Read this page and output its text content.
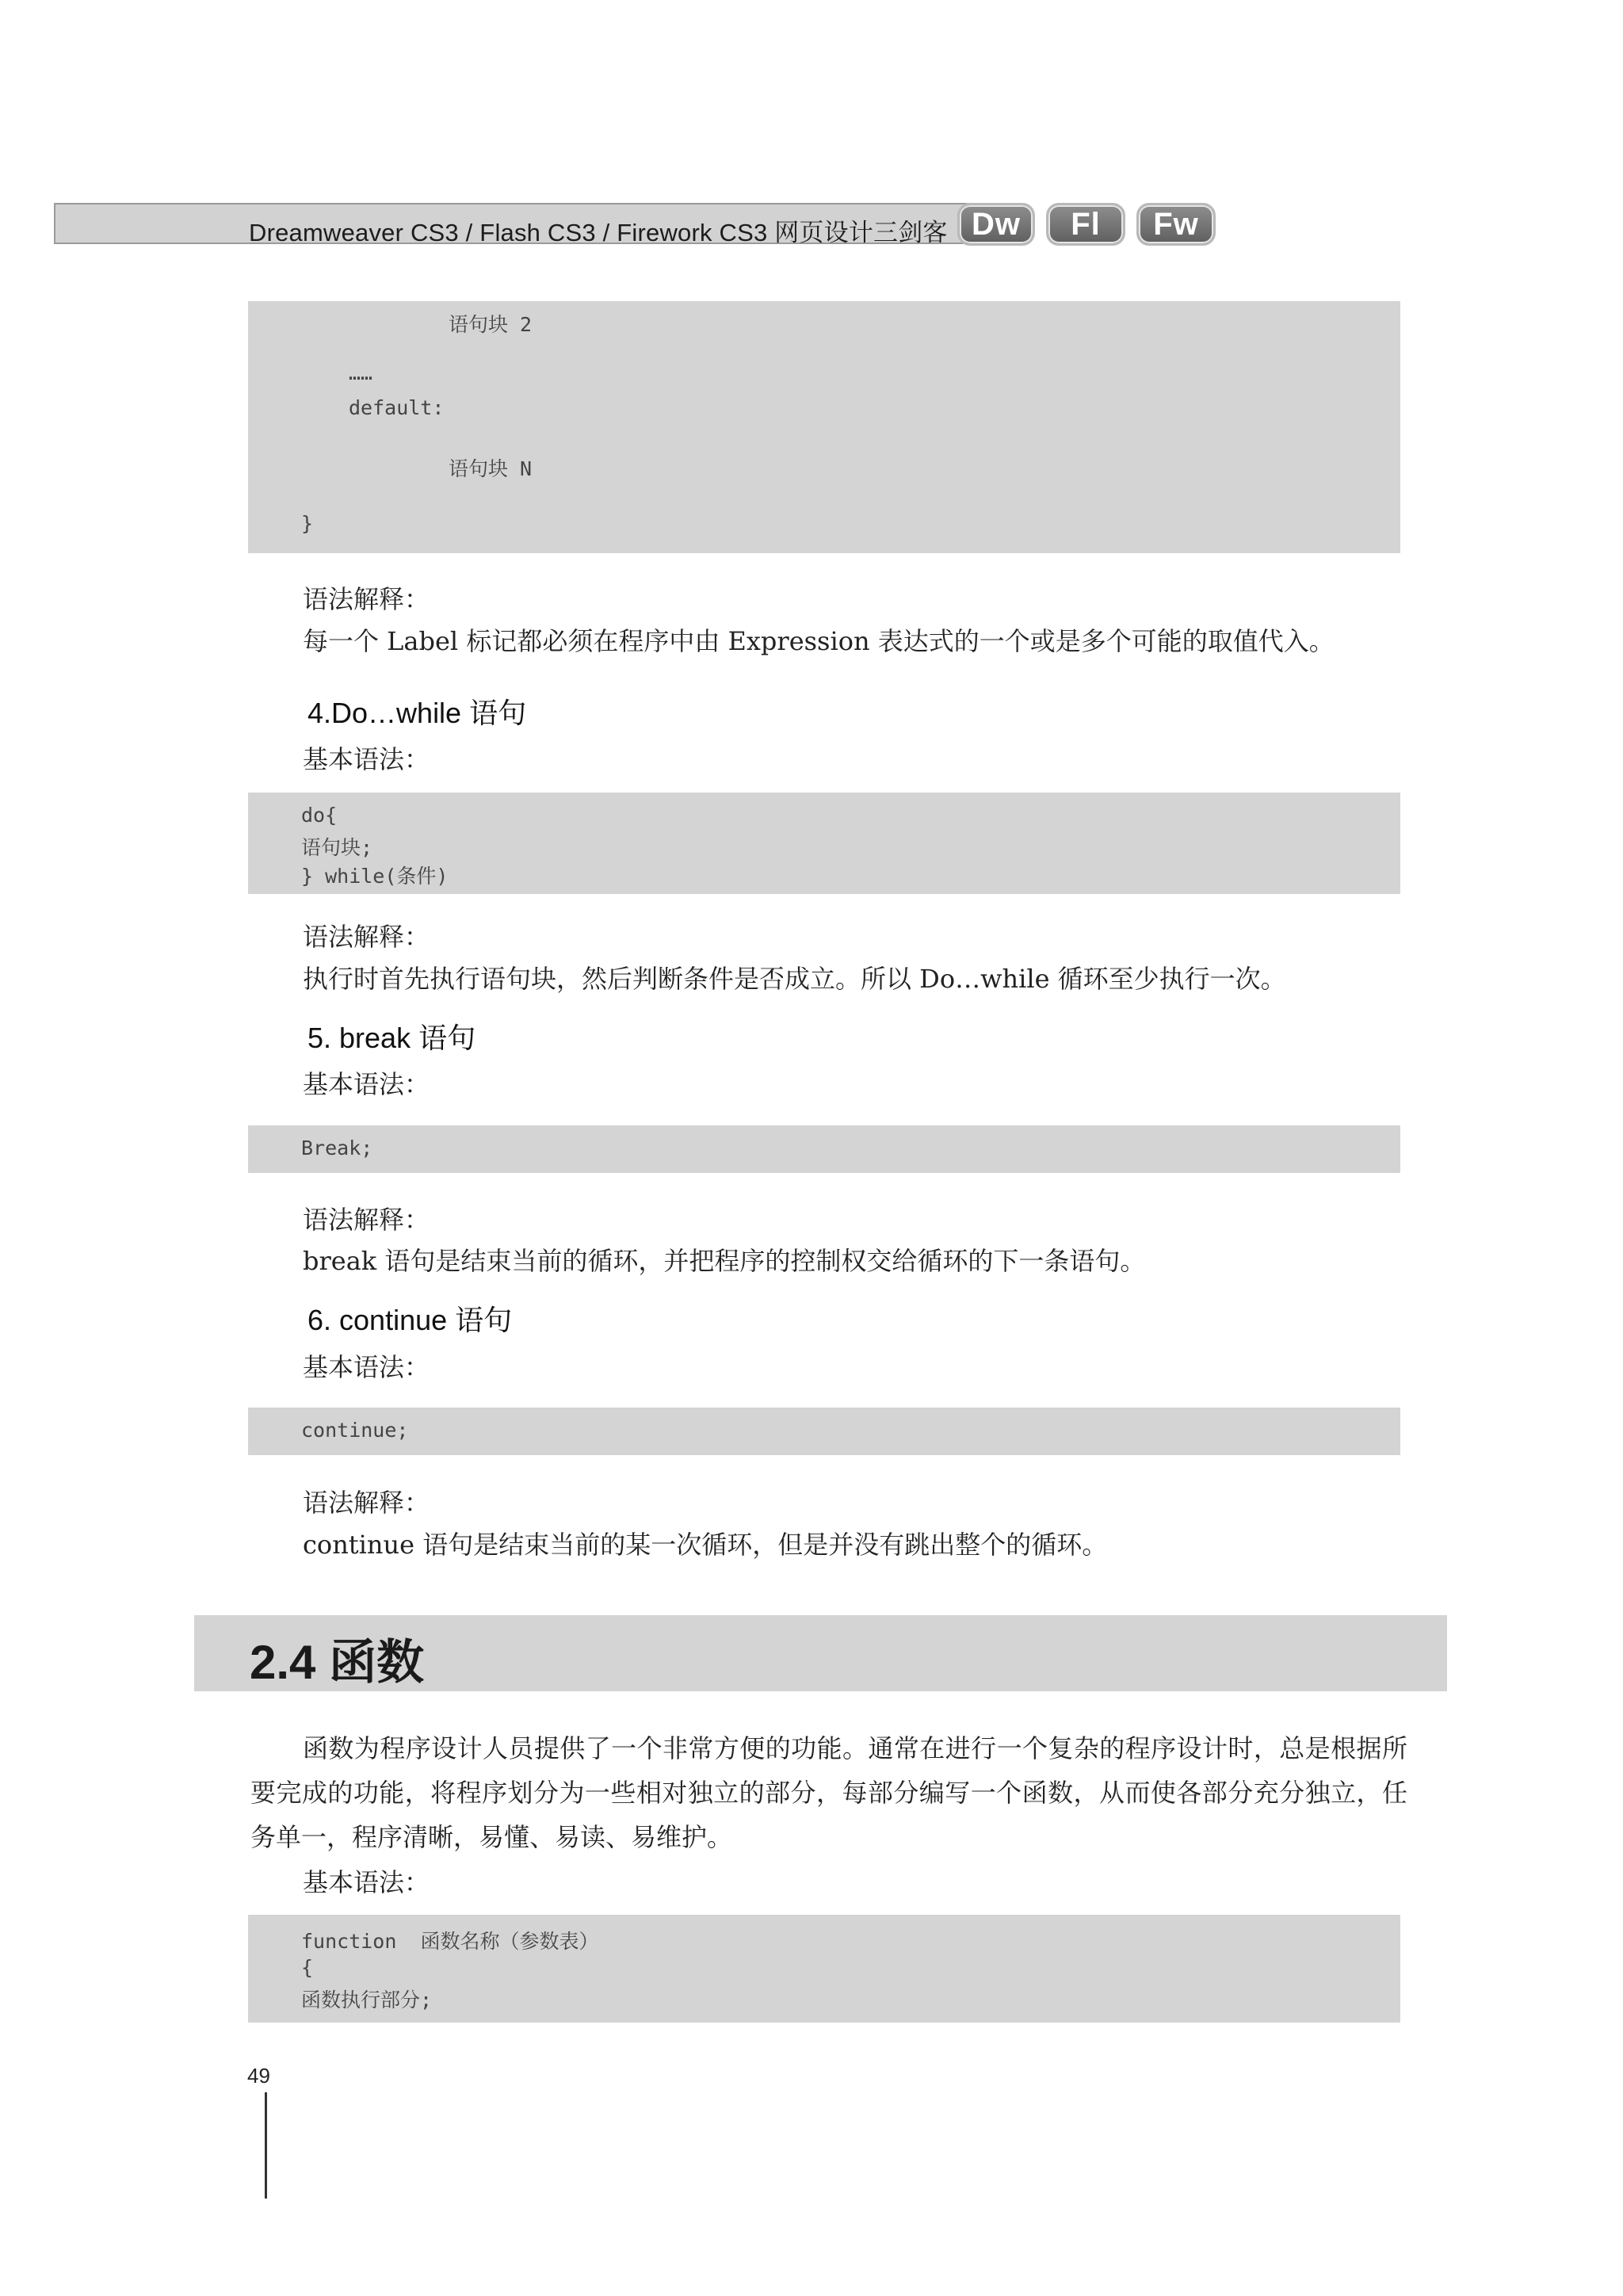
Dreamweaver CS3 / Flash CS3 / Firework CS3 网页设计三剑客 Dw	Fl	Fw
语句块 2
……
default:
语句块 N
}
语法解释：
每一个 Label 标记都必须在程序中由 Expression 表达式的一个或是多个可能的取值代入。
4.Do…while 语句
基本语法：
do{
语句块;
} while(条件)
语法解释：
执行时首先执行语句块，然后判断条件是否成立。所以 Do…while 循环至少执行一次。
5. break 语句
基本语法：
Break;
语法解释：
break 语句是结束当前的循环，并把程序的控制权交给循环的下一条语句。
6. continue 语句
基本语法：
continue;
语法解释：
continue 语句是结束当前的某一次循环，但是并没有跳出整个的循环。
2.4 函数
函数为程序设计人员提供了一个非常方便的功能。通常在进行一个复杂的程序设计时，总是根据所要完成的功能，将程序划分为一些相对独立的部分，每部分编写一个函数，从而使各部分充分独立，任务单一，程序清晰，易懂、易读、易维护。
基本语法：
function  函数名称（参数表）
{
函数执行部分;
49
